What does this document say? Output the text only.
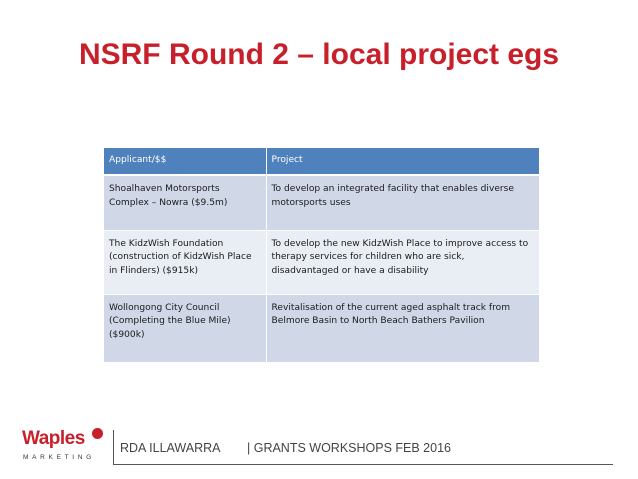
NSRF Round 2 – local project egs
Applicant/$$	Project
Shoalhaven Motorsports Complex – Nowra ($9.5m)	To develop an integrated facility that enables diverse motorsports uses
The KidzWish Foundation (construction of KidzWish Place in Flinders) ($915k)	To develop the new KidzWish Place to improve access to therapy services for children who are sick, disadvantaged or have a disability
Wollongong City Council (Completing the Blue Mile) ($900k)	Revitalisation of the current aged asphalt track from Belmore Basin to North Beach Bathers Pavilion
Waples
MARKETING
RDA ILLAWARRA | GRANTS WORKSHOPS FEB 2016
